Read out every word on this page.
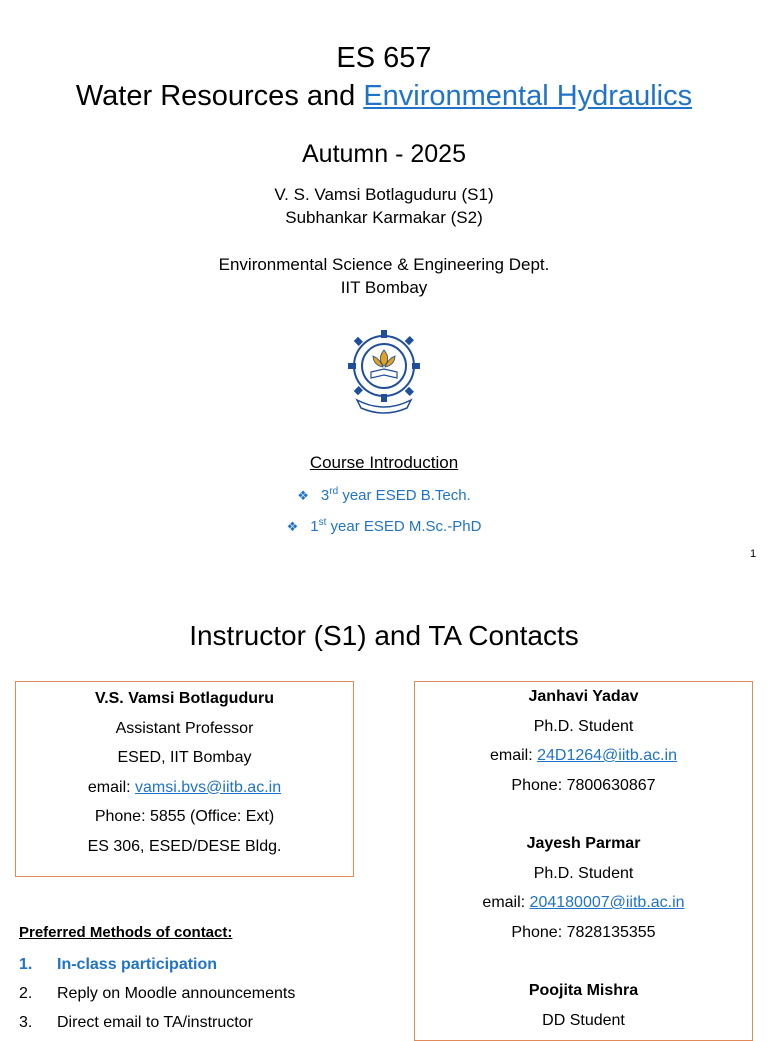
ES 657
Water Resources and Environmental Hydraulics
Autumn - 2025
V. S. Vamsi Botlaguduru (S1)
Subhankar Karmakar (S2)
Environmental Science & Engineering Dept.
IIT Bombay
Course Introduction
❖ 3rd year ESED B.Tech.
❖ 1st year ESED M.Sc.-PhD
1
Instructor (S1) and TA Contacts
V.S. Vamsi Botlaguduru
Assistant Professor
ESED, IIT Bombay
email: vamsi.bvs@iitb.ac.in
Phone: 5855 (Office: Ext)
ES 306, ESED/DESE Bldg.
Janhavi Yadav
Ph.D. Student
email: 24D1264@iitb.ac.in
Phone: 7800630867
Jayesh Parmar
Ph.D. Student
email: 204180007@iitb.ac.in
Phone: 7828135355
Poojita Mishra
DD Student
Preferred Methods of contact:
1. In-class participation
2. Reply on Moodle announcements
3. Direct email to TA/instructor
